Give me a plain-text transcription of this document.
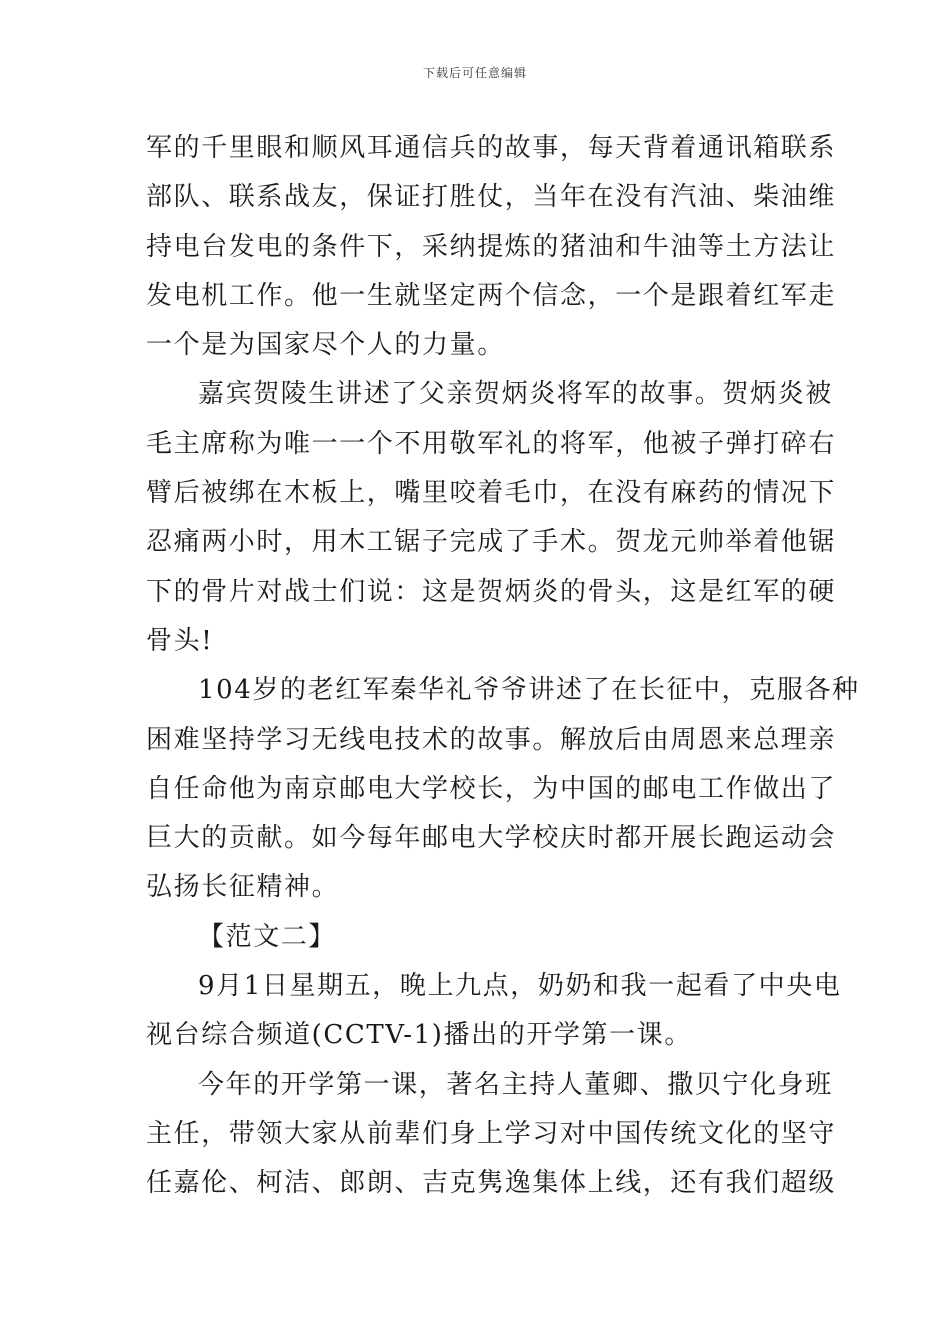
下载后可任意编辑
军的千里眼和顺风耳通信兵的故事，每天背着通讯箱联系
部队、联系战友，保证打胜仗，当年在没有汽油、柴油维
持电台发电的条件下，采纳提炼的猪油和牛油等土方法让
发电机工作。他一生就坚定两个信念，一个是跟着红军走
一个是为国家尽个人的力量。
嘉宾贺陵生讲述了父亲贺炳炎将军的故事。贺炳炎被
毛主席称为唯一一个不用敬军礼的将军，他被子弹打碎右
臂后被绑在木板上，嘴里咬着毛巾，在没有麻药的情况下
忍痛两小时，用木工锯子完成了手术。贺龙元帅举着他锯
下的骨片对战士们说：这是贺炳炎的骨头，这是红军的硬
骨头!
104岁的老红军秦华礼爷爷讲述了在长征中，克服各种
困难坚持学习无线电技术的故事。解放后由周恩来总理亲
自任命他为南京邮电大学校长，为中国的邮电工作做出了
巨大的贡献。如今每年邮电大学校庆时都开展长跑运动会
弘扬长征精神。
【范文二】
9月1日星期五，晚上九点，奶奶和我一起看了中央电
视台综合频道(CCTV-1)播出的开学第一课。
今年的开学第一课，著名主持人董卿、撒贝宁化身班
主任，带领大家从前辈们身上学习对中国传统文化的坚守
任嘉伦、柯洁、郎朗、吉克隽逸集体上线，还有我们超级
